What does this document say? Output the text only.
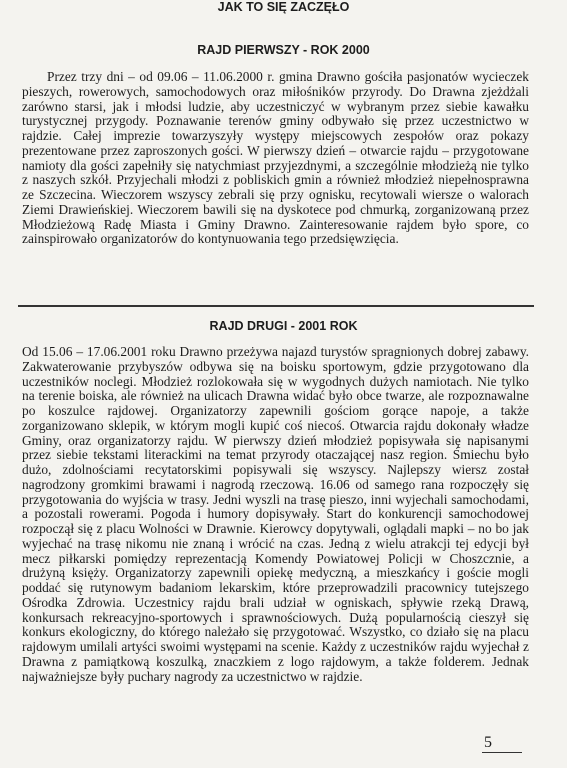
JAK TO SIĘ ZACZĘŁO
RAJD PIERWSZY - ROK 2000

Przez trzy dni – od 09.06 – 11.06.2000 r. gmina Drawno gościła pasjonatów wycieczek pieszych, rowerowych, samochodowych oraz miłośników przyrody. Do Drawna zjeżdżali zarówno starsi, jak i młodsi ludzie, aby uczestniczyć w wybranym przez siebie kawałku turystycznej przygody. Poznawanie terenów gminy odbywało się przez uczestnictwo w rajdzie. Całej imprezie towarzyszyły występy miejscowych zespołów oraz pokazy prezentowane przez zaproszonych gości. W pierwszy dzień – otwarcie rajdu – przygotowane namioty dla gości zapełniły się natychmiast przyjezdnymi, a szczególnie młodzieżą nie tylko z naszych szkół. Przyjechali młodzi z pobliskich gmin a również młodzież niepełnosprawna ze Szczecina. Wieczorem wszyscy zebrali się przy ognisku, recytowali wiersze o walorach Ziemi Drawieńskiej. Wieczorem bawili się na dyskotece pod chmurką, zorganizowaną przez Młodzieżową Radę Miasta i Gminy Drawno. Zainteresowanie rajdem było spore, co zainspirowało organizatorów do kontynuowania tego przedsięwzięcia.

RAJD DRUGI - 2001 ROK

Od 15.06 – 17.06.2001 roku Drawno przeżywa najazd turystów spragnionych dobrej zabawy. Zakwaterowanie przybyszów odbywa się na boisku sportowym, gdzie przygotowano dla uczestników noclegi. Młodzież rozlokowała się w wygodnych dużych namiotach. Nie tylko na terenie boiska, ale również na ulicach Drawna widać było obce twarze, ale rozpoznawalne po koszulce rajdowej. Organizatorzy zapewnili gościom gorące napoje, a także zorganizowano sklepik, w którym mogli kupić coś niecoś. Otwarcia rajdu dokonały władze Gminy, oraz organizatorzy rajdu. W pierwszy dzień młodzież popisywała się napisanymi przez siebie tekstami literackimi na temat przyrody otaczającej nasz region. Śmiechu było dużo, zdolnościami recytatorskimi popisywali się wszyscy. Najlepszy wiersz został nagrodzony gromkimi brawami i nagrodą rzeczową. 16.06 od samego rana rozpoczęły się przygotowania do wyjścia w trasy. Jedni wyszli na trasę pieszo, inni wyjechali samochodami, a pozostali rowerami. Pogoda i humory dopisywały. Start do konkurencji samochodowej rozpoczął się z placu Wolności w Drawnie. Kierowcy dopytywali, oglądali mapki – no bo jak wyjechać na trasę nikomu nie znaną i wrócić na czas. Jedną z wielu atrakcji tej edycji był mecz piłkarski pomiędzy reprezentacją Komendy Powiatowej Policji w Choszcznie, a drużyną księży. Organizatorzy zapewnili opiekę medyczną, a mieszkańcy i goście mogli poddać się rutynowym badaniom lekarskim, które przeprowadzili pracownicy tutejszego Ośrodka Zdrowia. Uczestnicy rajdu brali udział w ogniskach, spływie rzeką Drawą, konkursach rekreacyjno-sportowych i sprawnościowych. Dużą popularnością cieszył się konkurs ekologiczny, do którego należało się przygotować. Wszystko, co działo się na placu rajdowym umilali artyści swoimi występami na scenie. Każdy z uczestników rajdu wyjechał z Drawna z pamiątkową koszulką, znaczkiem z logo rajdowym, a także folderem. Jednak najważniejsze były puchary nagrody za uczestnictwo w rajdzie.

5
